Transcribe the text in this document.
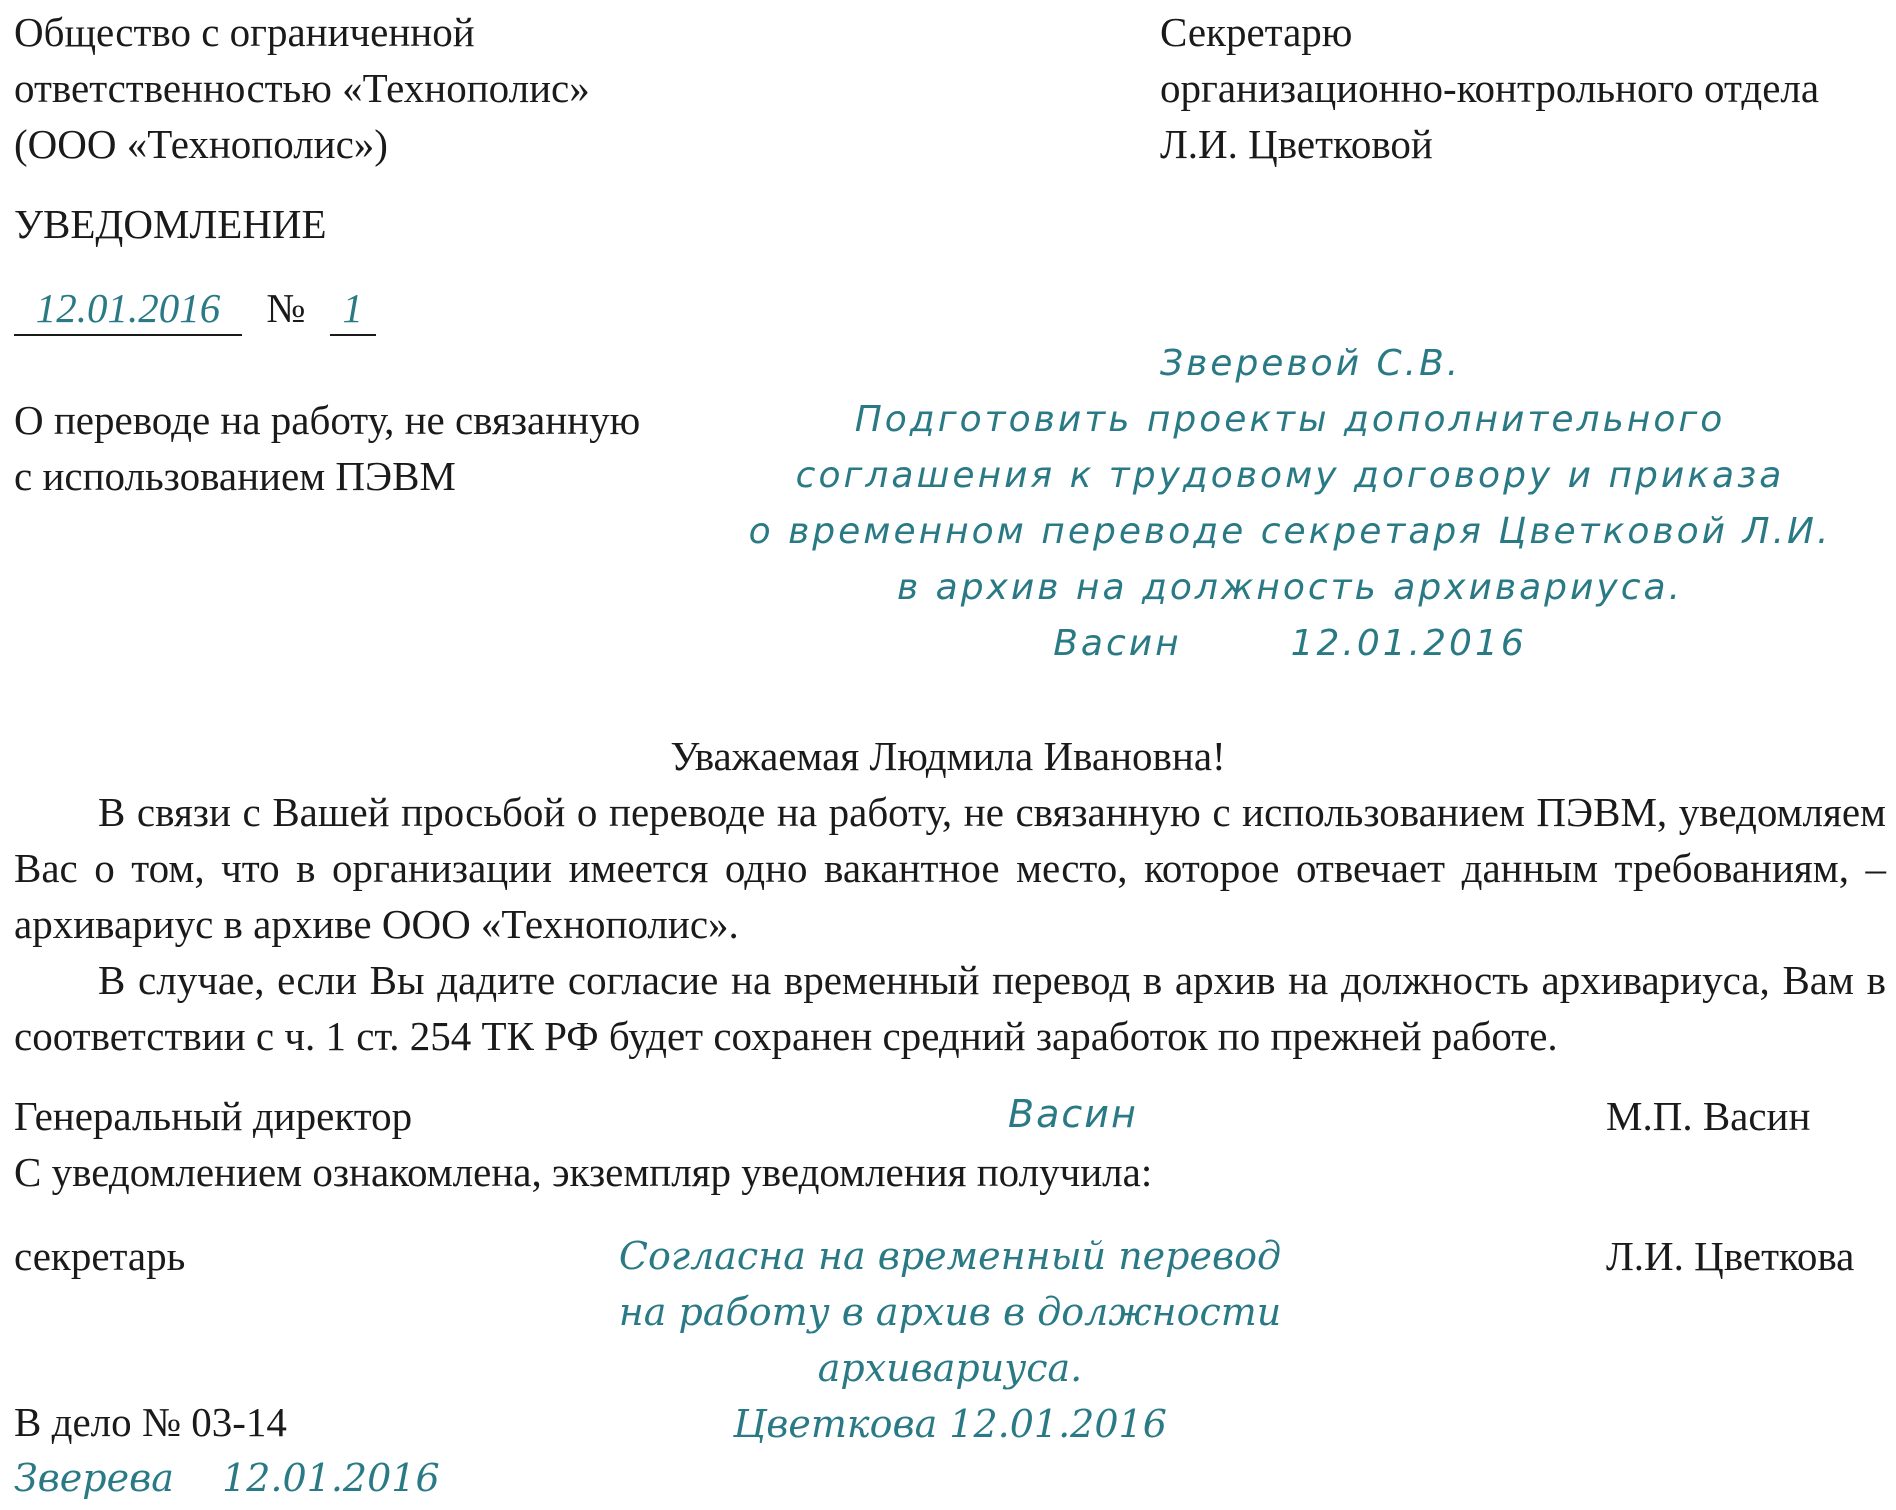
Общество с ограниченной
ответственностью «Технополис»
(ООО «Технополис»)
Секретарю
организационно-контрольного отдела
Л.И. Цветковой
УВЕДОМЛЕНИЕ
12.01.2016 № 1
О переводе на работу, не связанную
с использованием ПЭВМ
Зверевой С.В.
Подготовить проекты дополнительного
соглашения к трудовому договору и приказа
о временном переводе секретаря Цветковой Л.И.
в архив на должность архивариуса.
Васин	12.01.2016
Уважаемая Людмила Ивановна!
В связи с Вашей просьбой о переводе на работу, не связанную с использованием ПЭВМ, уведомляем Вас о том, что в организации имеется одно вакантное место, которое отвечает данным требованиям, – архивариус в архиве ООО «Технополис».
В случае, если Вы дадите согласие на временный перевод в архив на должность архивариуса, Вам в соответствии с ч. 1 ст. 254 ТК РФ будет сохранен средний заработок по прежней работе.
Генеральный директор	Васин	М.П. Васин
С уведомлением ознакомлена, экземпляр уведомления получила:
секретарь	Согласна на временный перевод
на работу в архив в должности архивариуса.
Цветкова 12.01.2016
Л.И. Цветкова
В дело № 03-14
Зверева 12.01.2016
